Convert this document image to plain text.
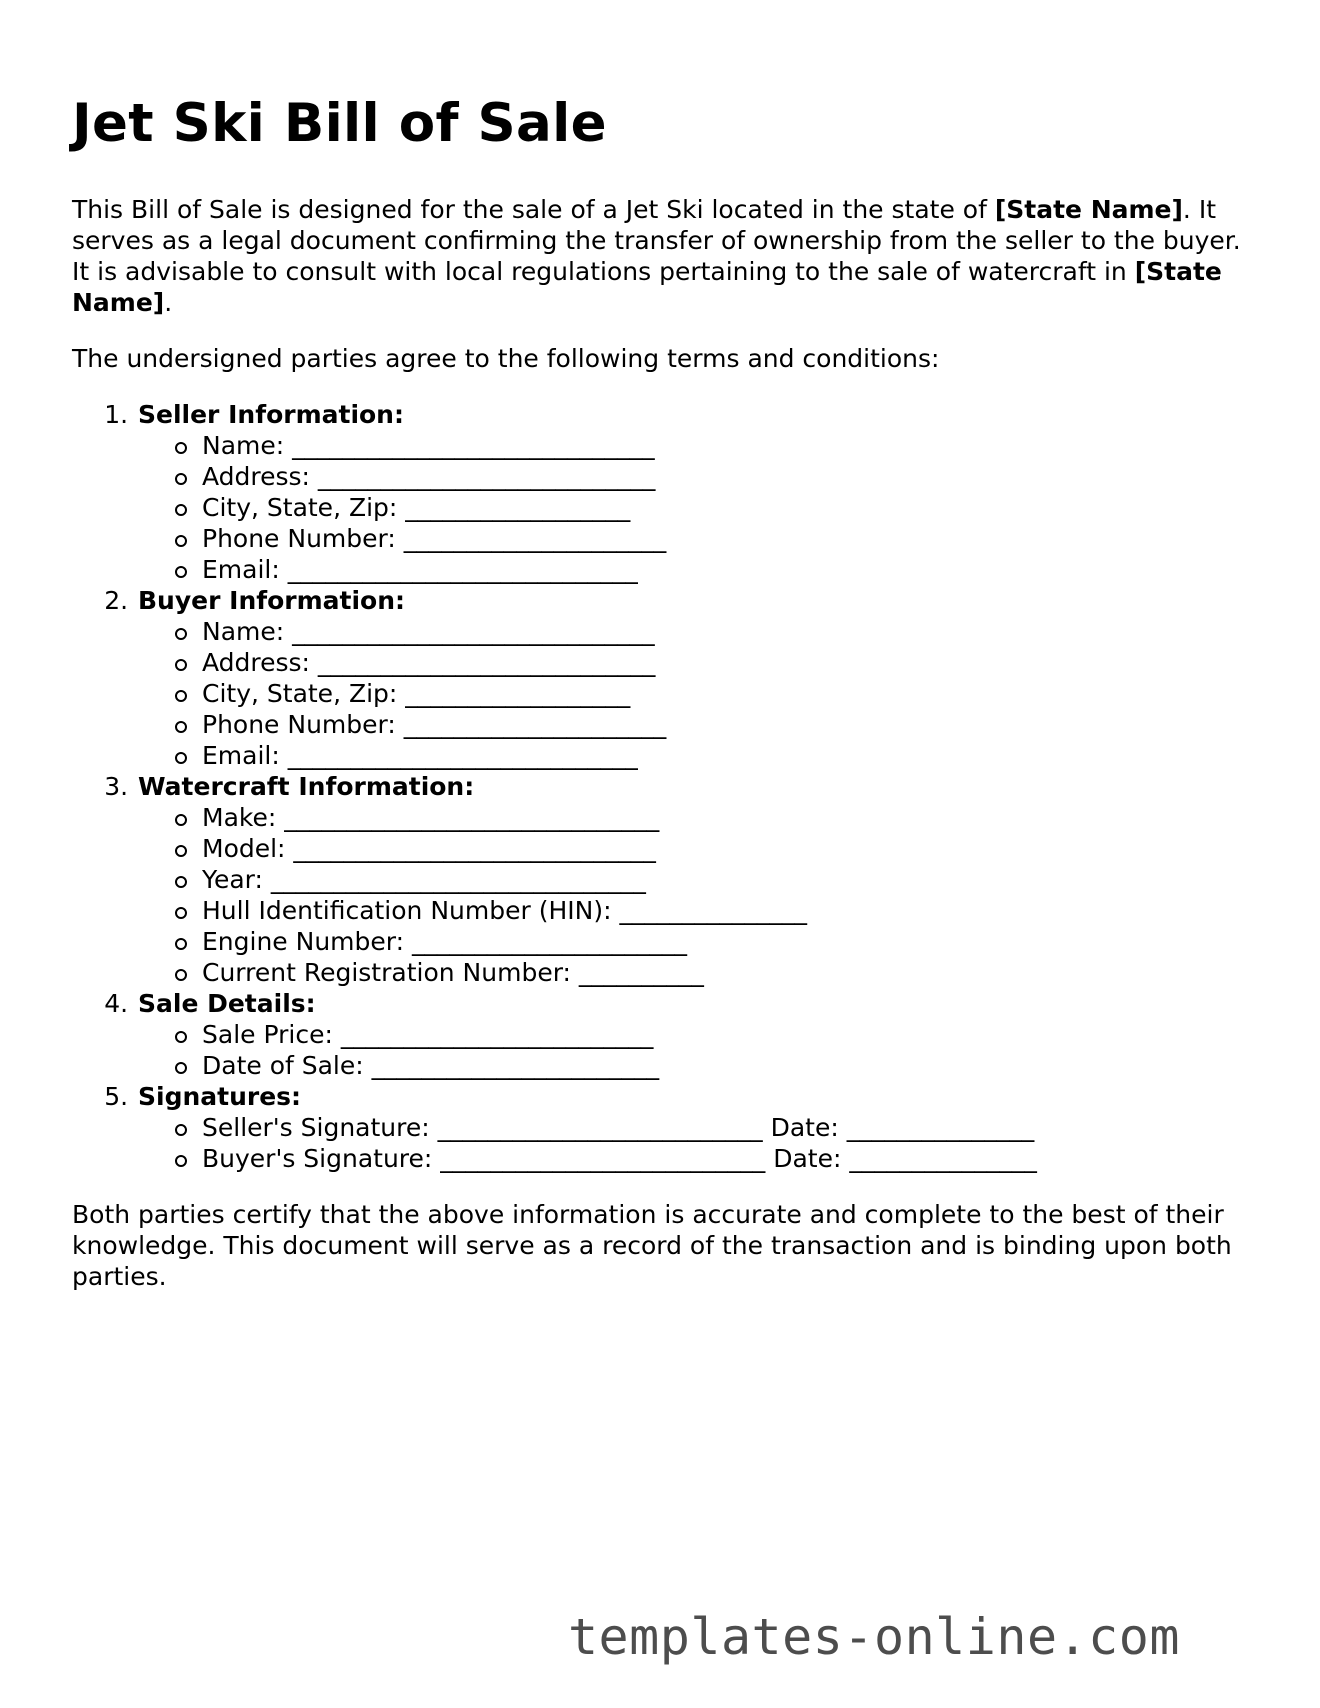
Jet Ski Bill of Sale

This Bill of Sale is designed for the sale of a Jet Ski located in the state of [State Name]. It serves as a legal document confirming the transfer of ownership from the seller to the buyer. It is advisable to consult with local regulations pertaining to the sale of watercraft in [State Name].

The undersigned parties agree to the following terms and conditions:

1. Seller Information:
Name: _____________________________
Address: ___________________________
City, State, Zip: __________________
Phone Number: _____________________
Email: ____________________________
2. Buyer Information:
Name: _____________________________
Address: ___________________________
City, State, Zip: __________________
Phone Number: _____________________
Email: ____________________________
3. Watercraft Information:
Make: ______________________________
Model: _____________________________
Year: ______________________________
Hull Identification Number (HIN): _______________
Engine Number: ______________________
Current Registration Number: __________
4. Sale Details:
Sale Price: _________________________
Date of Sale: _______________________
5. Signatures:
Seller's Signature: __________________________ Date: _______________
Buyer's Signature: __________________________ Date: _______________

Both parties certify that the above information is accurate and complete to the best of their knowledge. This document will serve as a record of the transaction and is binding upon both parties.

templates-online.com
